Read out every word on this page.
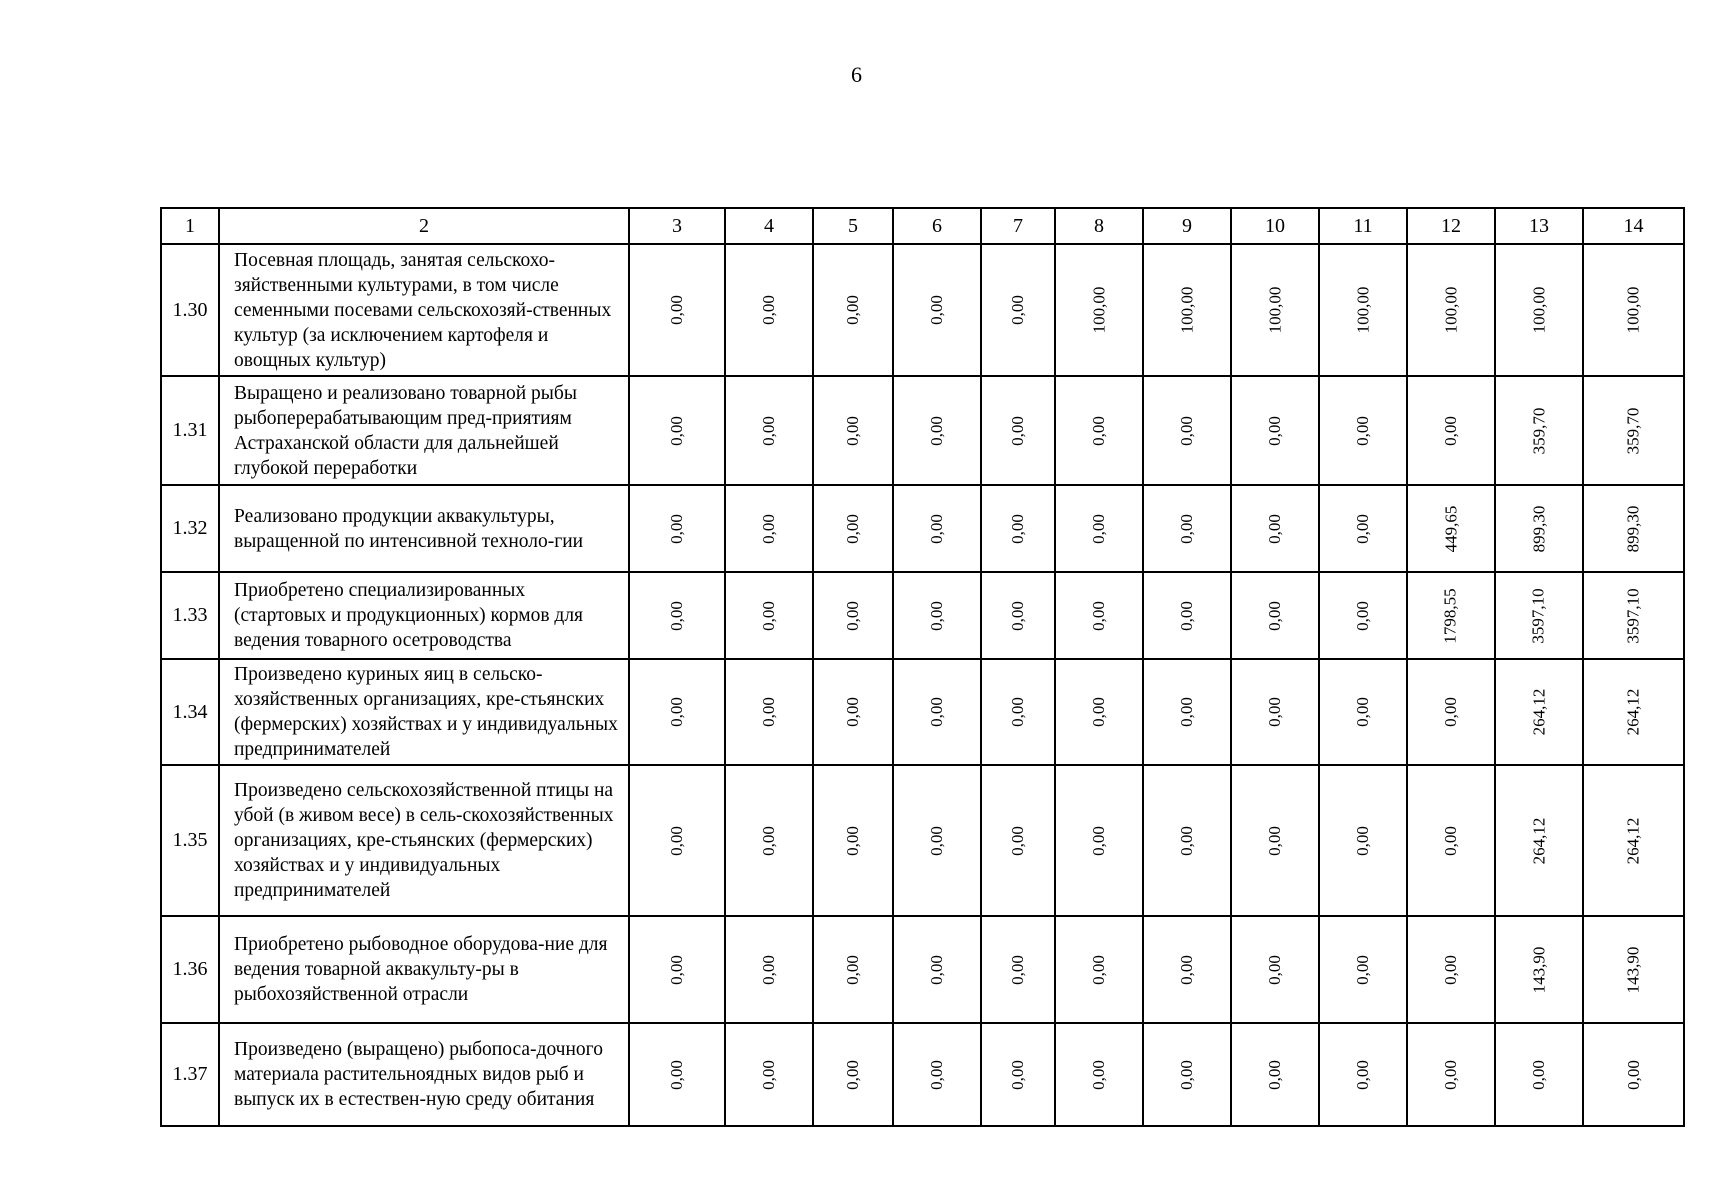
6
1	2	3	4	5	6	7	8	9	10	11	12	13	14
1.30	Посевная площадь, занятая сельскохо-зяйственными культурами, в том числе семенными посевами сельскохозяй-ственных культур (за исключением картофеля и овощных культур)	0,00	0,00	0,00	0,00	0,00	100,00	100,00	100,00	100,00	100,00	100,00	100,00
1.31	Выращено и реализовано товарной рыбы рыбоперерабатывающим пред-приятиям Астраханской области для дальнейшей глубокой переработки	0,00	0,00	0,00	0,00	0,00	0,00	0,00	0,00	0,00	0,00	359,70	359,70
1.32	Реализовано продукции аквакультуры, выращенной по интенсивной техноло-гии	0,00	0,00	0,00	0,00	0,00	0,00	0,00	0,00	0,00	449,65	899,30	899,30
1.33	Приобретено специализированных (стартовых и продукционных) кормов для ведения товарного осетроводства	0,00	0,00	0,00	0,00	0,00	0,00	0,00	0,00	0,00	1798,55	3597,10	3597,10
1.34	Произведено куриных яиц в сельско-хозяйственных организациях, кре-стьянских (фермерских) хозяйствах и у индивидуальных предпринимателей	0,00	0,00	0,00	0,00	0,00	0,00	0,00	0,00	0,00	0,00	264,12	264,12
1.35	Произведено сельскохозяйственной птицы на убой (в живом весе) в сель-скохозяйственных организациях, кре-стьянских (фермерских) хозяйствах и у индивидуальных предпринимателей	0,00	0,00	0,00	0,00	0,00	0,00	0,00	0,00	0,00	0,00	264,12	264,12
1.36	Приобретено рыбоводное оборудова-ние для ведения товарной аквакульту-ры в рыбохозяйственной отрасли	0,00	0,00	0,00	0,00	0,00	0,00	0,00	0,00	0,00	0,00	143,90	143,90
1.37	Произведено (выращено) рыбопоса-дочного материала растительноядных видов рыб и выпуск их в естествен-ную среду обитания	0,00	0,00	0,00	0,00	0,00	0,00	0,00	0,00	0,00	0,00	0,00	0,00
